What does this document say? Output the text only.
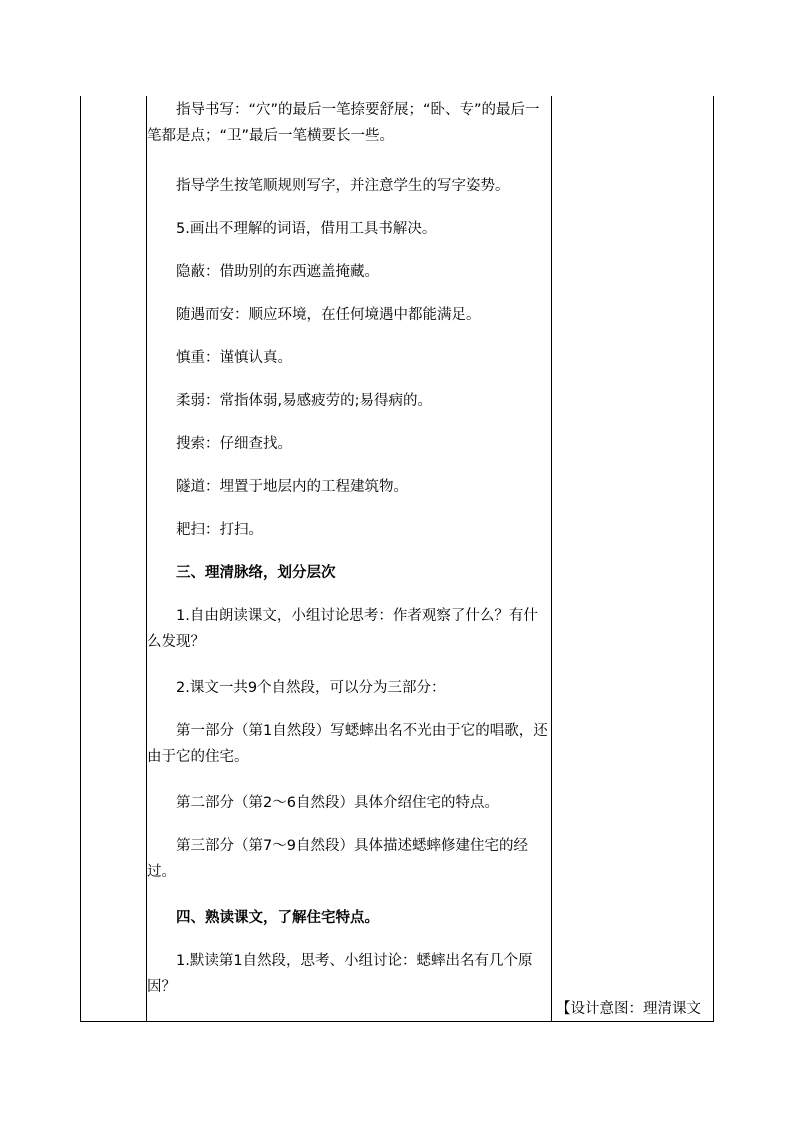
指导书写：“穴”的最后一笔捺要舒展；“卧、专”的最后一笔都是点；“卫”最后一笔横要长一些。
指导学生按笔顺规则写字，并注意学生的写字姿势。
5.画出不理解的词语，借用工具书解决。
隐蔽：借助别的东西遮盖掩藏。
随遇而安：顺应环境，在任何境遇中都能满足。
慎重：谨慎认真。
柔弱：常指体弱,易感疲劳的;易得病的。
搜索：仔细查找。
隧道：埋置于地层内的工程建筑物。
耙扫：打扫。
三、理清脉络，划分层次
1.自由朗读课文，小组讨论思考：作者观察了什么？有什么发现？
2.课文一共9个自然段，可以分为三部分：
第一部分（第1自然段）写蟋蟀出名不光由于它的唱歌，还由于它的住宅。
第二部分（第2～6自然段）具体介绍住宅的特点。
第三部分（第7～9自然段）具体描述蟋蟀修建住宅的经过。
四、熟读课文，了解住宅特点。
1.默读第1自然段，思考、小组讨论：蟋蟀出名有几个原因？
【设计意图：理清课文
